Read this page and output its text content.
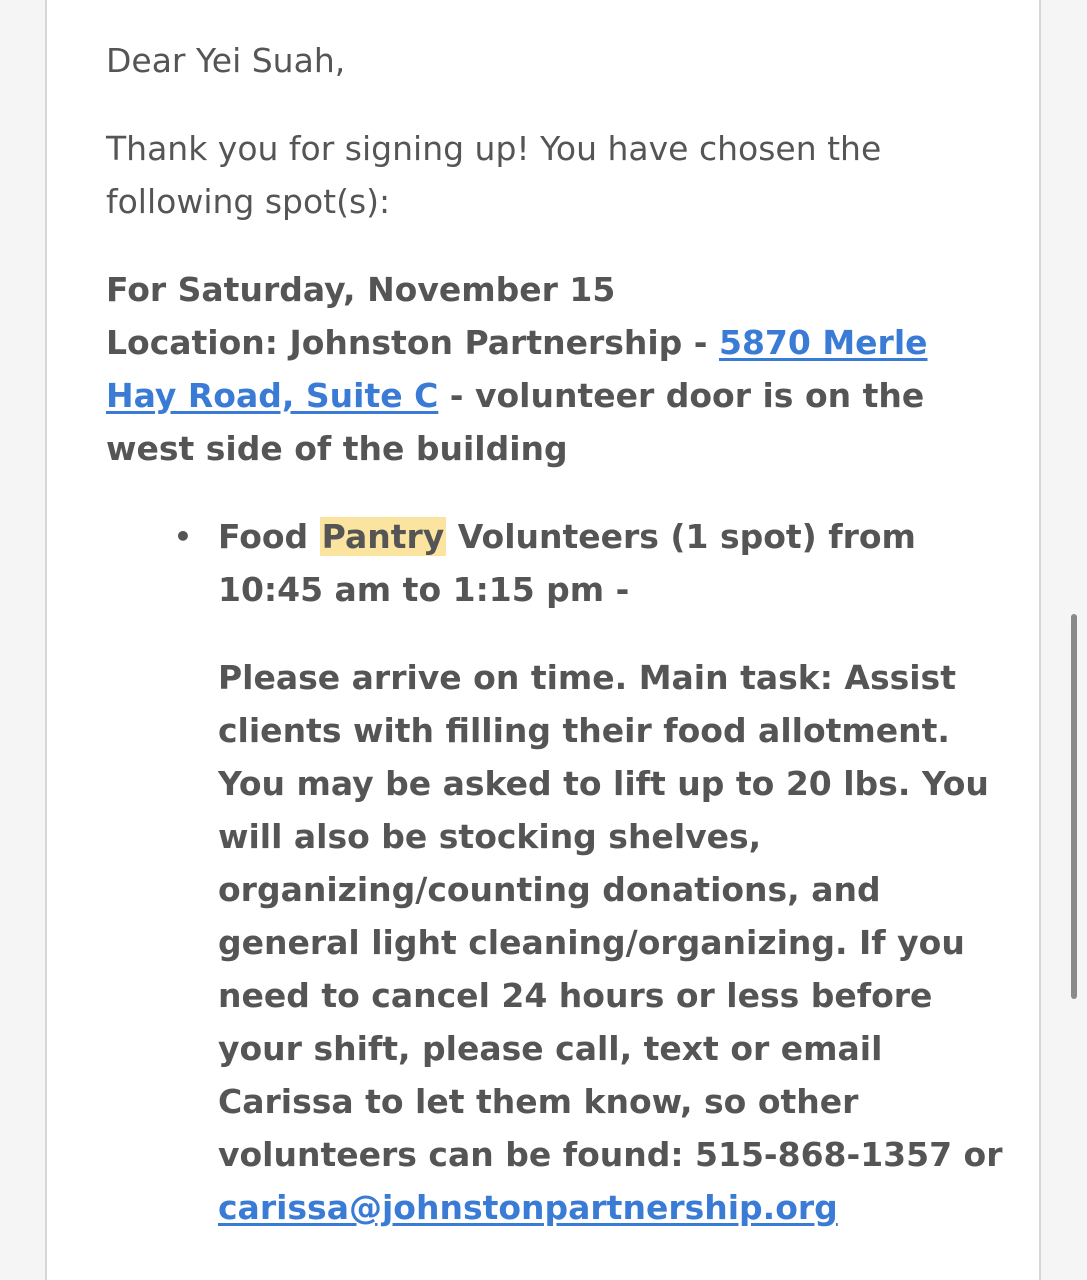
Dear Yei Suah,

Thank you for signing up! You have chosen the following spot(s):

For Saturday, November 15
Location: Johnston Partnership - 5870 Merle Hay Road, Suite C - volunteer door is on the west side of the building

• Food Pantry Volunteers (1 spot) from 10:45 am to 1:15 pm -

Please arrive on time. Main task: Assist clients with filling their food allotment. You may be asked to lift up to 20 lbs. You will also be stocking shelves, organizing/counting donations, and general light cleaning/organizing. If you need to cancel 24 hours or less before your shift, please call, text or email Carissa to let them know, so other volunteers can be found: 515-868-1357 or
carissa@johnstonpartnership.org
